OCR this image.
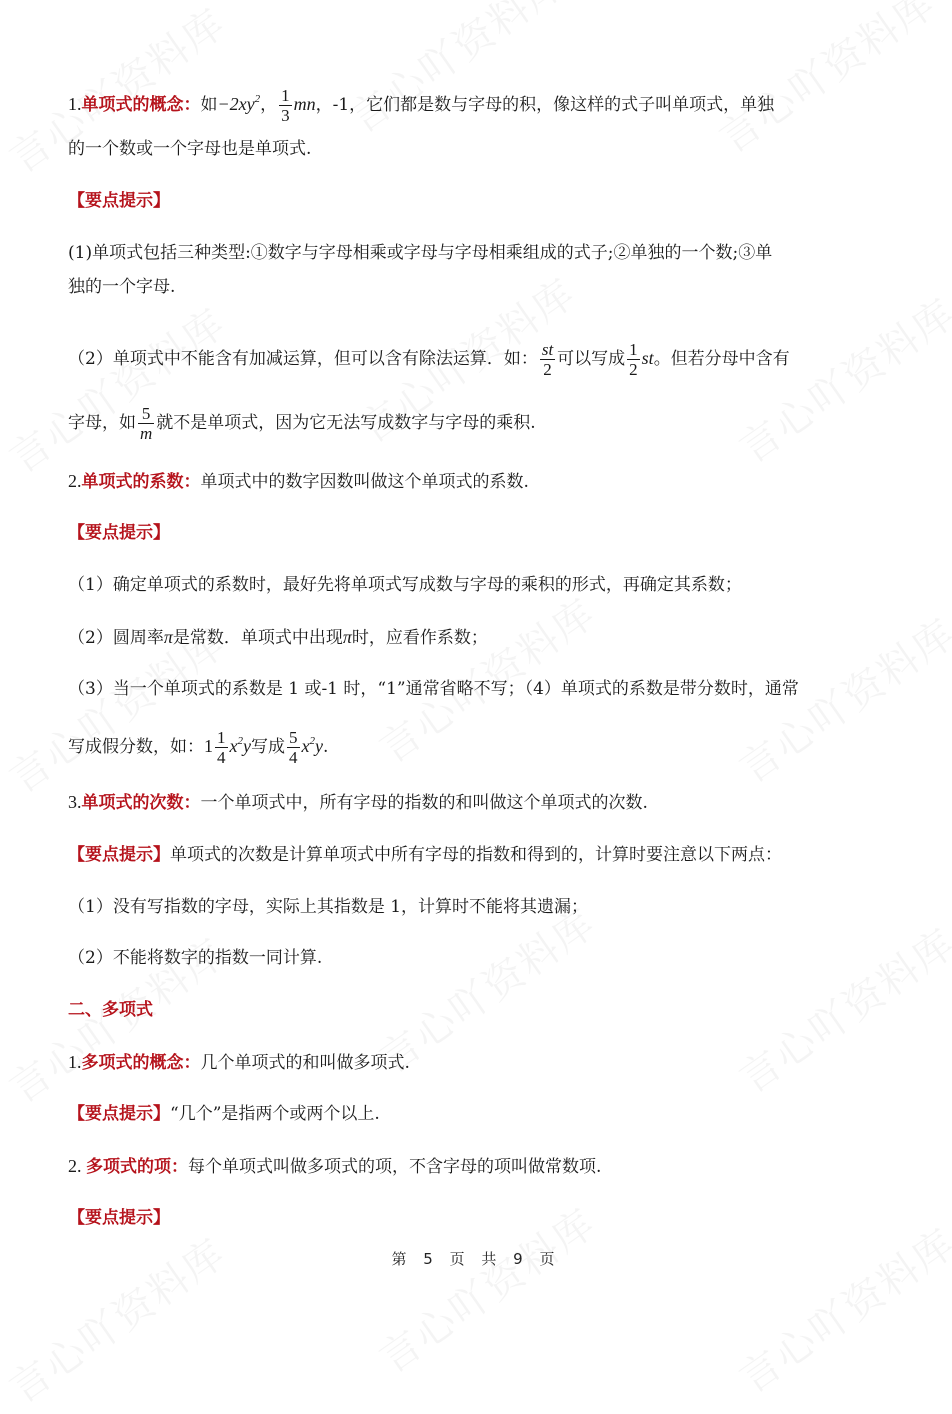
1.单项式的概念：如$-2xy^2$， $\frac{1}{3}$ mn，-1，它们都是数与字母的积，像这样的式子叫单项式，单独
的一个数或一个字母也是单项式.
【要点提示】
(1)单项式包括三种类型:①数字与字母相乘或字母与字母相乘组成的式子;②单独的一个数;③单
独的一个字母.
（2）单项式中不能含有加减运算，但可以含有除法运算．如： $\frac{st}{2}$ 可以写成 $\frac{1}{2}$ st。但若分母中含有
字母，如 $\frac{5}{m}$ 就不是单项式，因为它无法写成数字与字母的乘积.
2.单项式的系数：单项式中的数字因数叫做这个单项式的系数.
【要点提示】
（1）确定单项式的系数时，最好先将单项式写成数与字母的乘积的形式，再确定其系数；
（2）圆周率π是常数．单项式中出现π时，应看作系数；
（3）当一个单项式的系数是 1 或-1 时，“1”通常省略不写；（4）单项式的系数是带分数时，通常
写成假分数，如：$1 \frac{1}{4} x^2y$写成 $\frac{5}{4} x^2y$.
3.单项式的次数：一个单项式中，所有字母的指数的和叫做这个单项式的次数.
【要点提示】单项式的次数是计算单项式中所有字母的指数和得到的，计算时要注意以下两点：
（1）没有写指数的字母，实际上其指数是 1，计算时不能将其遗漏；
（2）不能将数字的指数一同计算.
二、多项式
1.多项式的概念：几个单项式的和叫做多项式.
【要点提示】“几个”是指两个或两个以上.
2. 多项式的项：每个单项式叫做多项式的项，不含字母的项叫做常数项.
【要点提示】
第 5 页 共 9 页
